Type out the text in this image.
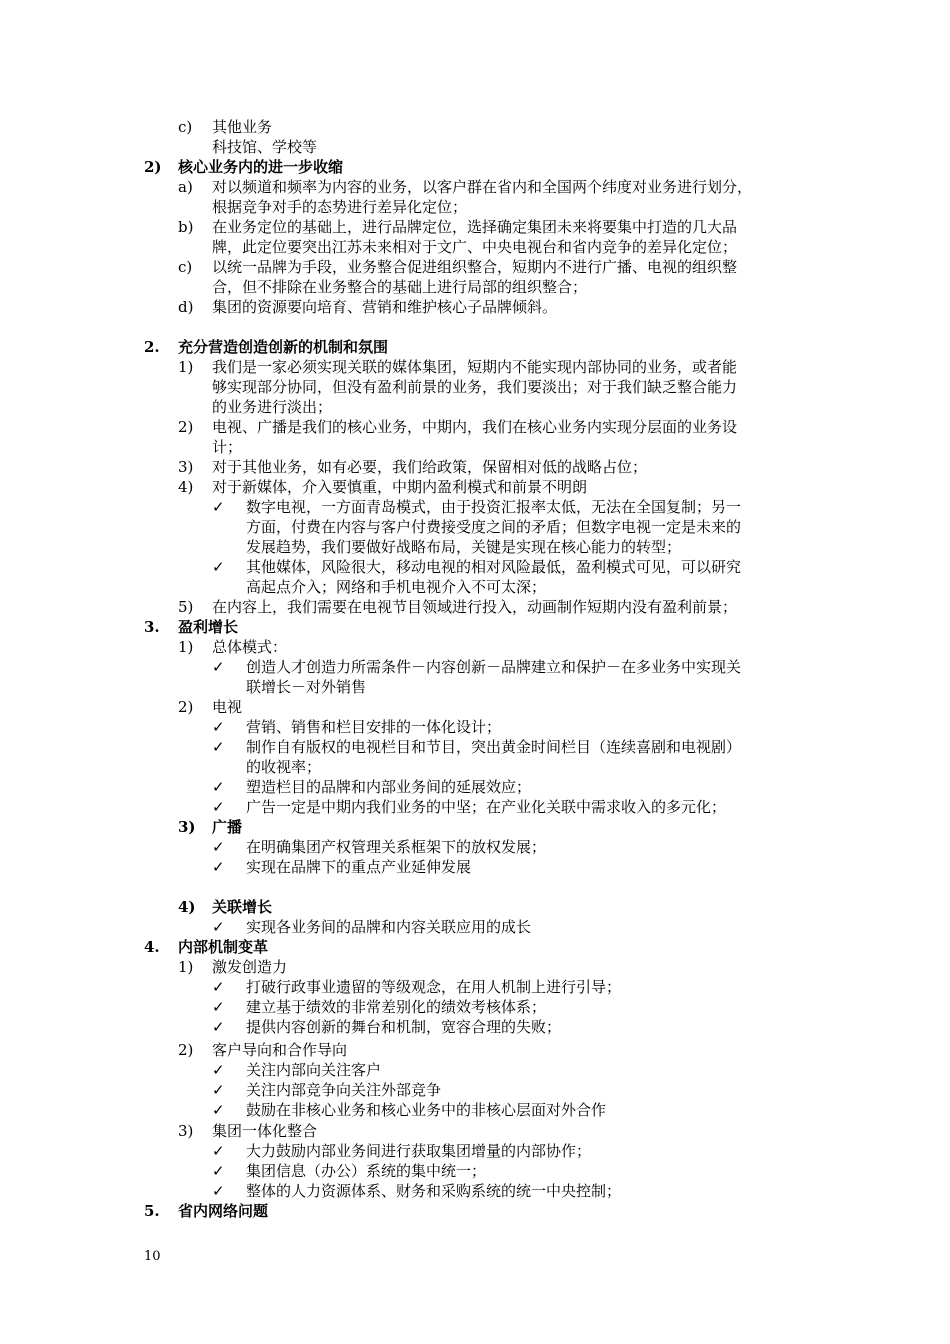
c) 其他业务
科技馆、学校等
2) 核心业务内的进一步收缩
a) 对以频道和频率为内容的业务，以客户群在省内和全国两个纬度对业务进行划分，
根据竞争对手的态势进行差异化定位；
b) 在业务定位的基础上，进行品牌定位，选择确定集团未来将要集中打造的几大品
牌，此定位要突出江苏未来相对于文广、中央电视台和省内竞争的差异化定位；
c) 以统一品牌为手段，业务整合促进组织整合，短期内不进行广播、电视的组织整
合，但不排除在业务整合的基础上进行局部的组织整合；
d) 集团的资源要向培育、营销和维护核心子品牌倾斜。
2. 充分营造创造创新的机制和氛围
1) 我们是一家必须实现关联的媒体集团，短期内不能实现内部协同的业务，或者能
够实现部分协同，但没有盈利前景的业务，我们要淡出；对于我们缺乏整合能力
的业务进行淡出；
2) 电视、广播是我们的核心业务，中期内，我们在核心业务内实现分层面的业务设
计；
3) 对于其他业务，如有必要，我们给政策，保留相对低的战略占位；
4) 对于新媒体，介入要慎重，中期内盈利模式和前景不明朗
✓ 数字电视，一方面青岛模式，由于投资汇报率太低，无法在全国复制；另一
方面，付费在内容与客户付费接受度之间的矛盾；但数字电视一定是未来的
发展趋势，我们要做好战略布局，关键是实现在核心能力的转型；
✓ 其他媒体，风险很大，移动电视的相对风险最低，盈利模式可见，可以研究
高起点介入；网络和手机电视介入不可太深；
5) 在内容上，我们需要在电视节目领域进行投入，动画制作短期内没有盈利前景；
3. 盈利增长
1) 总体模式：
✓ 创造人才创造力所需条件－内容创新－品牌建立和保护－在多业务中实现关
联增长－对外销售
2) 电视
✓ 营销、销售和栏目安排的一体化设计；
✓ 制作自有版权的电视栏目和节目，突出黄金时间栏目（连续喜剧和电视剧）
的收视率；
✓ 塑造栏目的品牌和内部业务间的延展效应；
✓ 广告一定是中期内我们业务的中坚；在产业化关联中需求收入的多元化；
3) 广播
✓ 在明确集团产权管理关系框架下的放权发展；
✓ 实现在品牌下的重点产业延伸发展
4) 关联增长
✓ 实现各业务间的品牌和内容关联应用的成长
4. 内部机制变革
1) 激发创造力
✓ 打破行政事业遗留的等级观念，在用人机制上进行引导；
✓ 建立基于绩效的非常差别化的绩效考核体系；
✓ 提供内容创新的舞台和机制，宽容合理的失败；
2) 客户导向和合作导向
✓ 关注内部向关注客户
✓ 关注内部竞争向关注外部竞争
✓ 鼓励在非核心业务和核心业务中的非核心层面对外合作
3) 集团一体化整合
✓ 大力鼓励内部业务间进行获取集团增量的内部协作；
✓ 集团信息（办公）系统的集中统一；
✓ 整体的人力资源体系、财务和采购系统的统一中央控制；
5. 省内网络问题
10
